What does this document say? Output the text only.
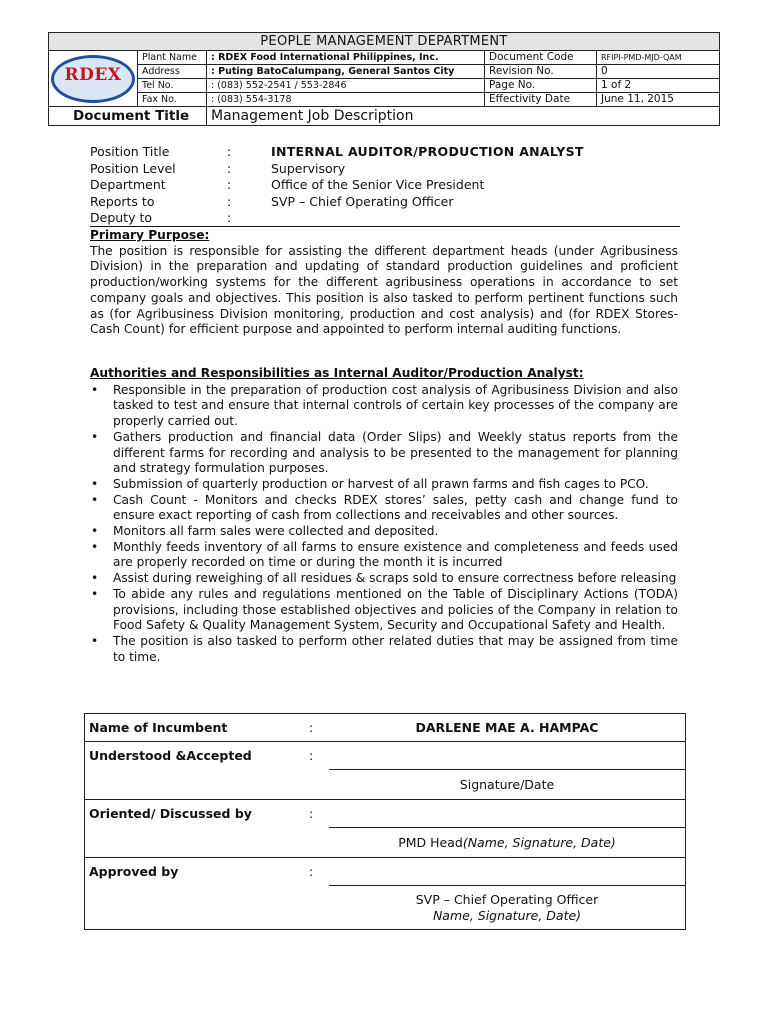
PEOPLE MANAGEMENT DEPARTMENT				

RDEX	Plant Name	: RDEX Food International Philippines, Inc.	Document Code	RFIPI-PMD-MJD-QAM
	Address	: Puting BatoCalumpang, General Santos City	Revision No.	0
	Tel No.	: (083) 552-2541 / 553-2846	Page No.	1 of 2
	Fax No.	: (083) 554-3178	Effectivity Date	June 11, 2015
Document Title		Management Job Description		
Position Title	:	INTERNAL AUDITOR/PRODUCTION ANALYST
Position Level	:	Supervisory
Department	:	Office of the Senior Vice President
Reports to	:	SVP – Chief Operating Officer
Deputy to	:
Primary Purpose:
The position is responsible for assisting the different department heads (under Agribusiness Division) in the preparation and updating of standard production guidelines and proficient production/working systems for the different agribusiness operations in accordance to set company goals and objectives. This position is also tasked to perform pertinent functions such as (for Agribusiness Division monitoring, production and cost analysis) and (for RDEX Stores-Cash Count) for efficient purpose and appointed to perform internal auditing functions.
Authorities and Responsibilities as Internal Auditor/Production Analyst:
• Responsible in the preparation of production cost analysis of Agribusiness Division and also tasked to test and ensure that internal controls of certain key processes of the company are properly carried out.
• Gathers production and financial data (Order Slips) and Weekly status reports from the different farms for recording and analysis to be presented to the management for planning and strategy formulation purposes.
• Submission of quarterly production or harvest of all prawn farms and fish cages to PCO.
• Cash Count - Monitors and checks RDEX stores’ sales, petty cash and change fund to ensure exact reporting of cash from collections and receivables and other sources.
• Monitors all farm sales were collected and deposited.
• Monthly feeds inventory of all farms to ensure existence and completeness and feeds used are properly recorded on time or during the month it is incurred
• Assist during reweighing of all residues & scraps sold to ensure correctness before releasing
• To abide any rules and regulations mentioned on the Table of Disciplinary Actions (TODA) provisions, including those established objectives and policies of the Company in relation to Food Safety & Quality Management System, Security and Occupational Safety and Health.
• The position is also tasked to perform other related duties that may be assigned from time to time.
Name of Incumbent	:	DARLENE MAE A. HAMPAC
Understood &Accepted	:	
		Signature/Date
Oriented/ Discussed by	:	
		PMD Head(Name, Signature, Date)
Approved by	:	

		SVP – Chief Operating Officer
Name, Signature, Date)
